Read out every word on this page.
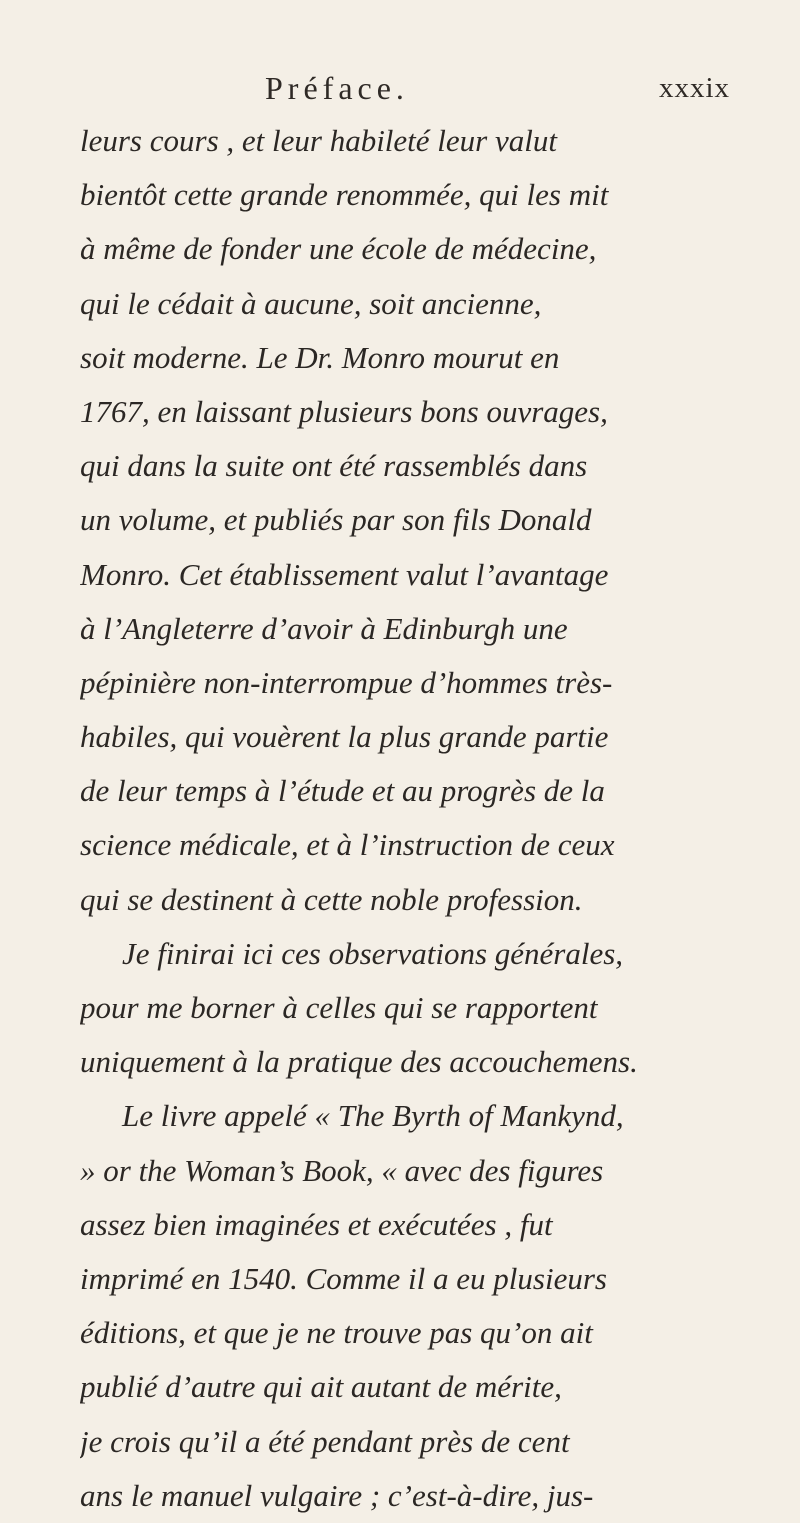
Préface.	xxxix
leurs cours , et leur habileté leur valut
bientôt cette grande renommée, qui les mit
à même de fonder une école de médecine,
qui le cédait à aucune, soit ancienne,
soit moderne. Le Dr. Monro mourut en
1767, en laissant plusieurs bons ouvrages,
qui dans la suite ont été rassemblés dans
un volume, et publiés par son fils Donald
Monro. Cet établissement valut l’avantage
à l’Angleterre d’avoir à Edinburgh une
pépinière non-interrompue d’hommes très-
habiles, qui vouèrent la plus grande partie
de leur temps à l’étude et au progrès de la
science médicale, et à l’instruction de ceux
qui se destinent à cette noble profession.
Je finirai ici ces observations générales,
pour me borner à celles qui se rapportent
uniquement à la pratique des accouchemens.
Le livre appelé « The Byrth of Mankynd,
» or the Woman’s Book, « avec des figures
assez bien imaginées et exécutées , fut
imprimé en 1540. Comme il a eu plusieurs
éditions, et que je ne trouve pas qu’on ait
publié d’autre qui ait autant de mérite,
je crois qu’il a été pendant près de cent
ans le manuel vulgaire ; c’est-à-dire, jus-
